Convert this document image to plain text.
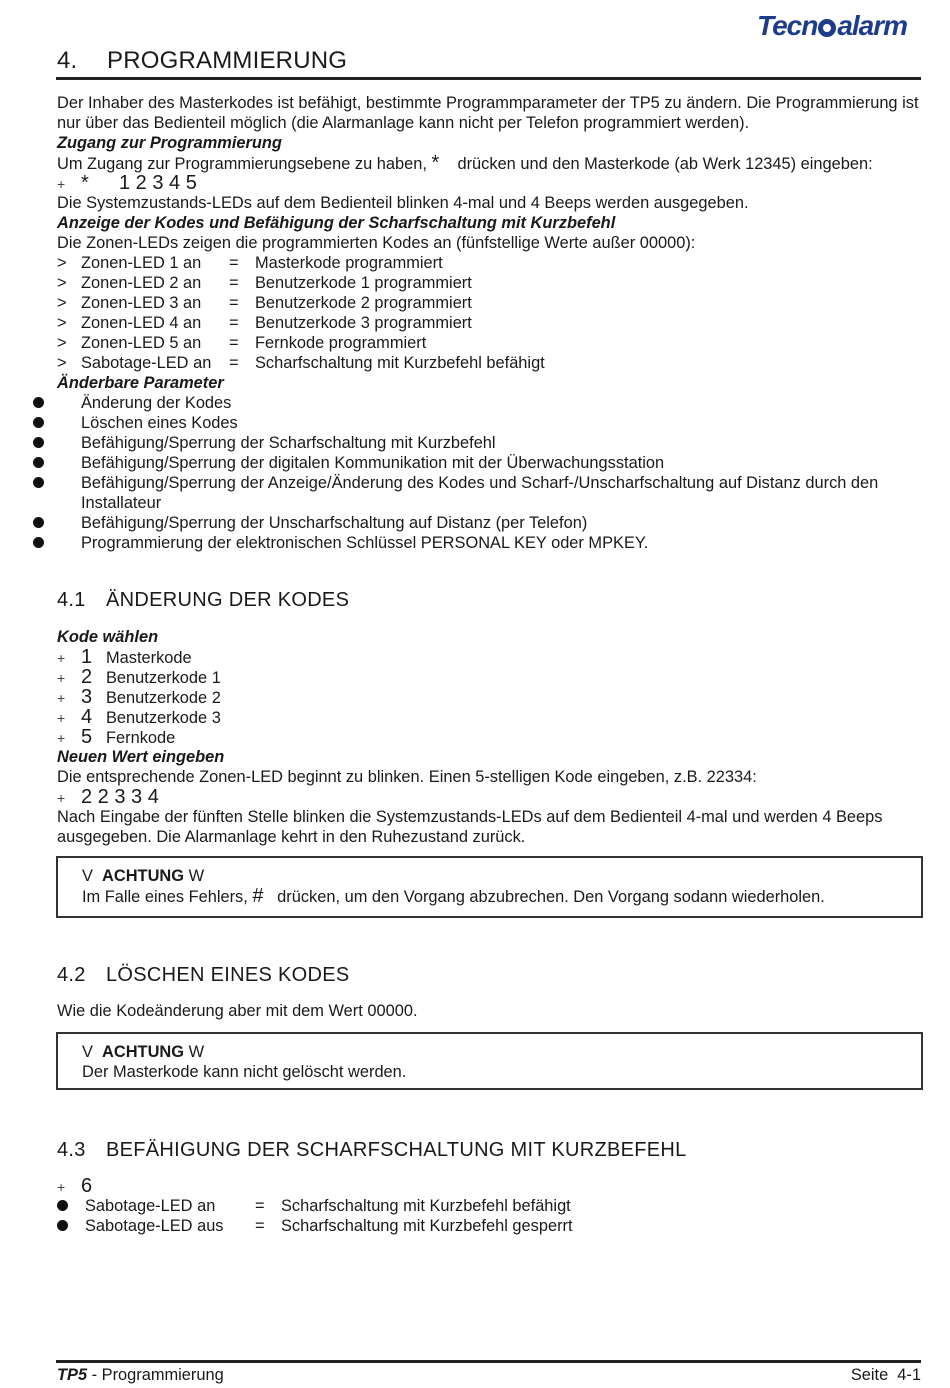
Tecn alarm
4. PROGRAMMIERUNG

Der Inhaber des Masterkodes ist befähigt, bestimmte Programmparameter der TP5 zu ändern. Die Programmierung ist nur über das Bedienteil möglich (die Alarmanlage kann nicht per Telefon programmiert werden).

Zugang zur Programmierung

Um Zugang zur Programmierungsebene zu haben, * drücken und den Masterkode (ab Werk 12345) eingeben:
+ * 1 2 3 4 5

Die Systemzustands-LEDs auf dem Bedienteil blinken 4-mal und 4 Beeps werden ausgegeben.

Anzeige der Kodes und Befähigung der Scharfschaltung mit Kurzbefehl

Die Zonen-LEDs zeigen die programmierten Kodes an (fünfstellige Werte außer 00000):

> Zonen-LED 1 an = Masterkode programmiert
> Zonen-LED 2 an = Benutzerkode 1 programmiert
> Zonen-LED 3 an = Benutzerkode 2 programmiert
> Zonen-LED 4 an = Benutzerkode 3 programmiert
> Zonen-LED 5 an = Fernkode programmiert
> Sabotage-LED an = Scharfschaltung mit Kurzbefehl befähigt

Änderbare Parameter

Änderung der Kodes
Löschen eines Kodes
Befähigung/Sperrung der Scharfschaltung mit Kurzbefehl
Befähigung/Sperrung der digitalen Kommunikation mit der Überwachungsstation
Befähigung/Sperrung der Anzeige/Änderung des Kodes und Scharf-/Unscharfschaltung auf Distanz durch den Installateur
Befähigung/Sperrung der Unscharfschaltung auf Distanz (per Telefon)
Programmierung der elektronischen Schlüssel PERSONAL KEY oder MPKEY.
4.1 ÄNDERUNG DER KODES

Kode wählen

+ 1 Masterkode
+ 2 Benutzerkode 1
+ 3 Benutzerkode 2
+ 4 Benutzerkode 3
+ 5 Fernkode

Neuen Wert eingeben

Die entsprechende Zonen-LED beginnt zu blinken. Einen 5-stelligen Kode eingeben, z.B. 22334:

+ 2 2 3 3 4

Nach Eingabe der fünften Stelle blinken die Systemzustands-LEDs auf dem Bedienteil 4-mal und werden 4 Beeps ausgegeben. Die Alarmanlage kehrt in den Ruhezustand zurück.

V ACHTUNG W
Im Falle eines Fehlers, # drücken, um den Vorgang abzubrechen. Den Vorgang sodann wiederholen.
4.2 LÖSCHEN EINES KODES

Wie die Kodeänderung aber mit dem Wert 00000.

V ACHTUNG W
Der Masterkode kann nicht gelöscht werden.
4.3 BEFÄHIGUNG DER SCHARFSCHALTUNG MIT KURZBEFEHL
+ 6
Sabotage-LED an = Scharfschaltung mit Kurzbefehl befähigt
Sabotage-LED aus = Scharfschaltung mit Kurzbefehl gesperrt
TP5 - Programmierung	Seite  4-1
